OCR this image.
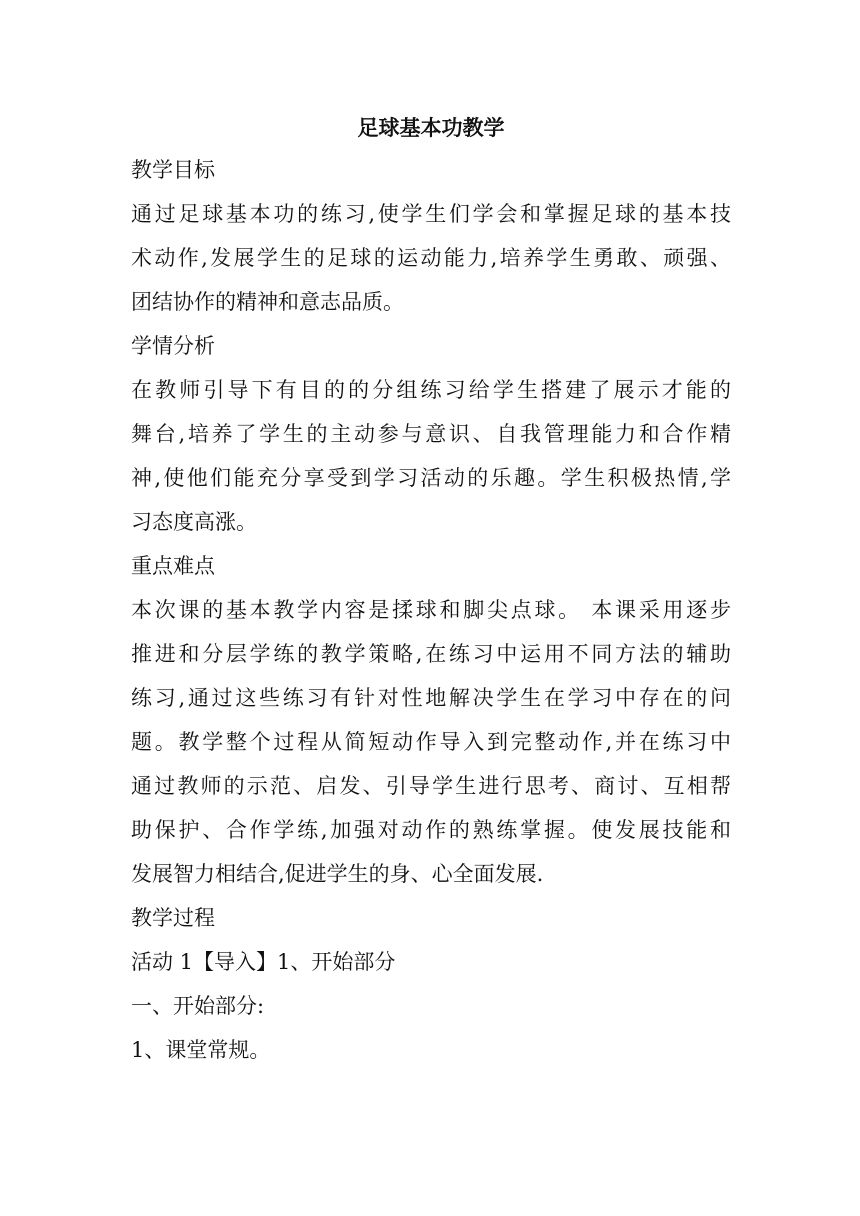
足球基本功教学
教学目标
通过足球基本功的练习,使学生们学会和掌握足球的基本技
术动作,发展学生的足球的运动能力,培养学生勇敢、顽强、
团结协作的精神和意志品质。
学情分析
在教师引导下有目的的分组练习给学生搭建了展示才能的
舞台,培养了学生的主动参与意识、自我管理能力和合作精
神,使他们能充分享受到学习活动的乐趣。学生积极热情,学
习态度高涨。
重点难点
本次课的基本教学内容是揉球和脚尖点球。 本课采用逐步
推进和分层学练的教学策略,在练习中运用不同方法的辅助
练习,通过这些练习有针对性地解决学生在学习中存在的问
题。教学整个过程从简短动作导入到完整动作,并在练习中
通过教师的示范、启发、引导学生进行思考、商讨、互相帮
助保护、合作学练,加强对动作的熟练掌握。使发展技能和
发展智力相结合,促进学生的身、心全面发展.
教学过程
活动 1【导入】1、开始部分
一、开始部分:
1、课堂常规。
